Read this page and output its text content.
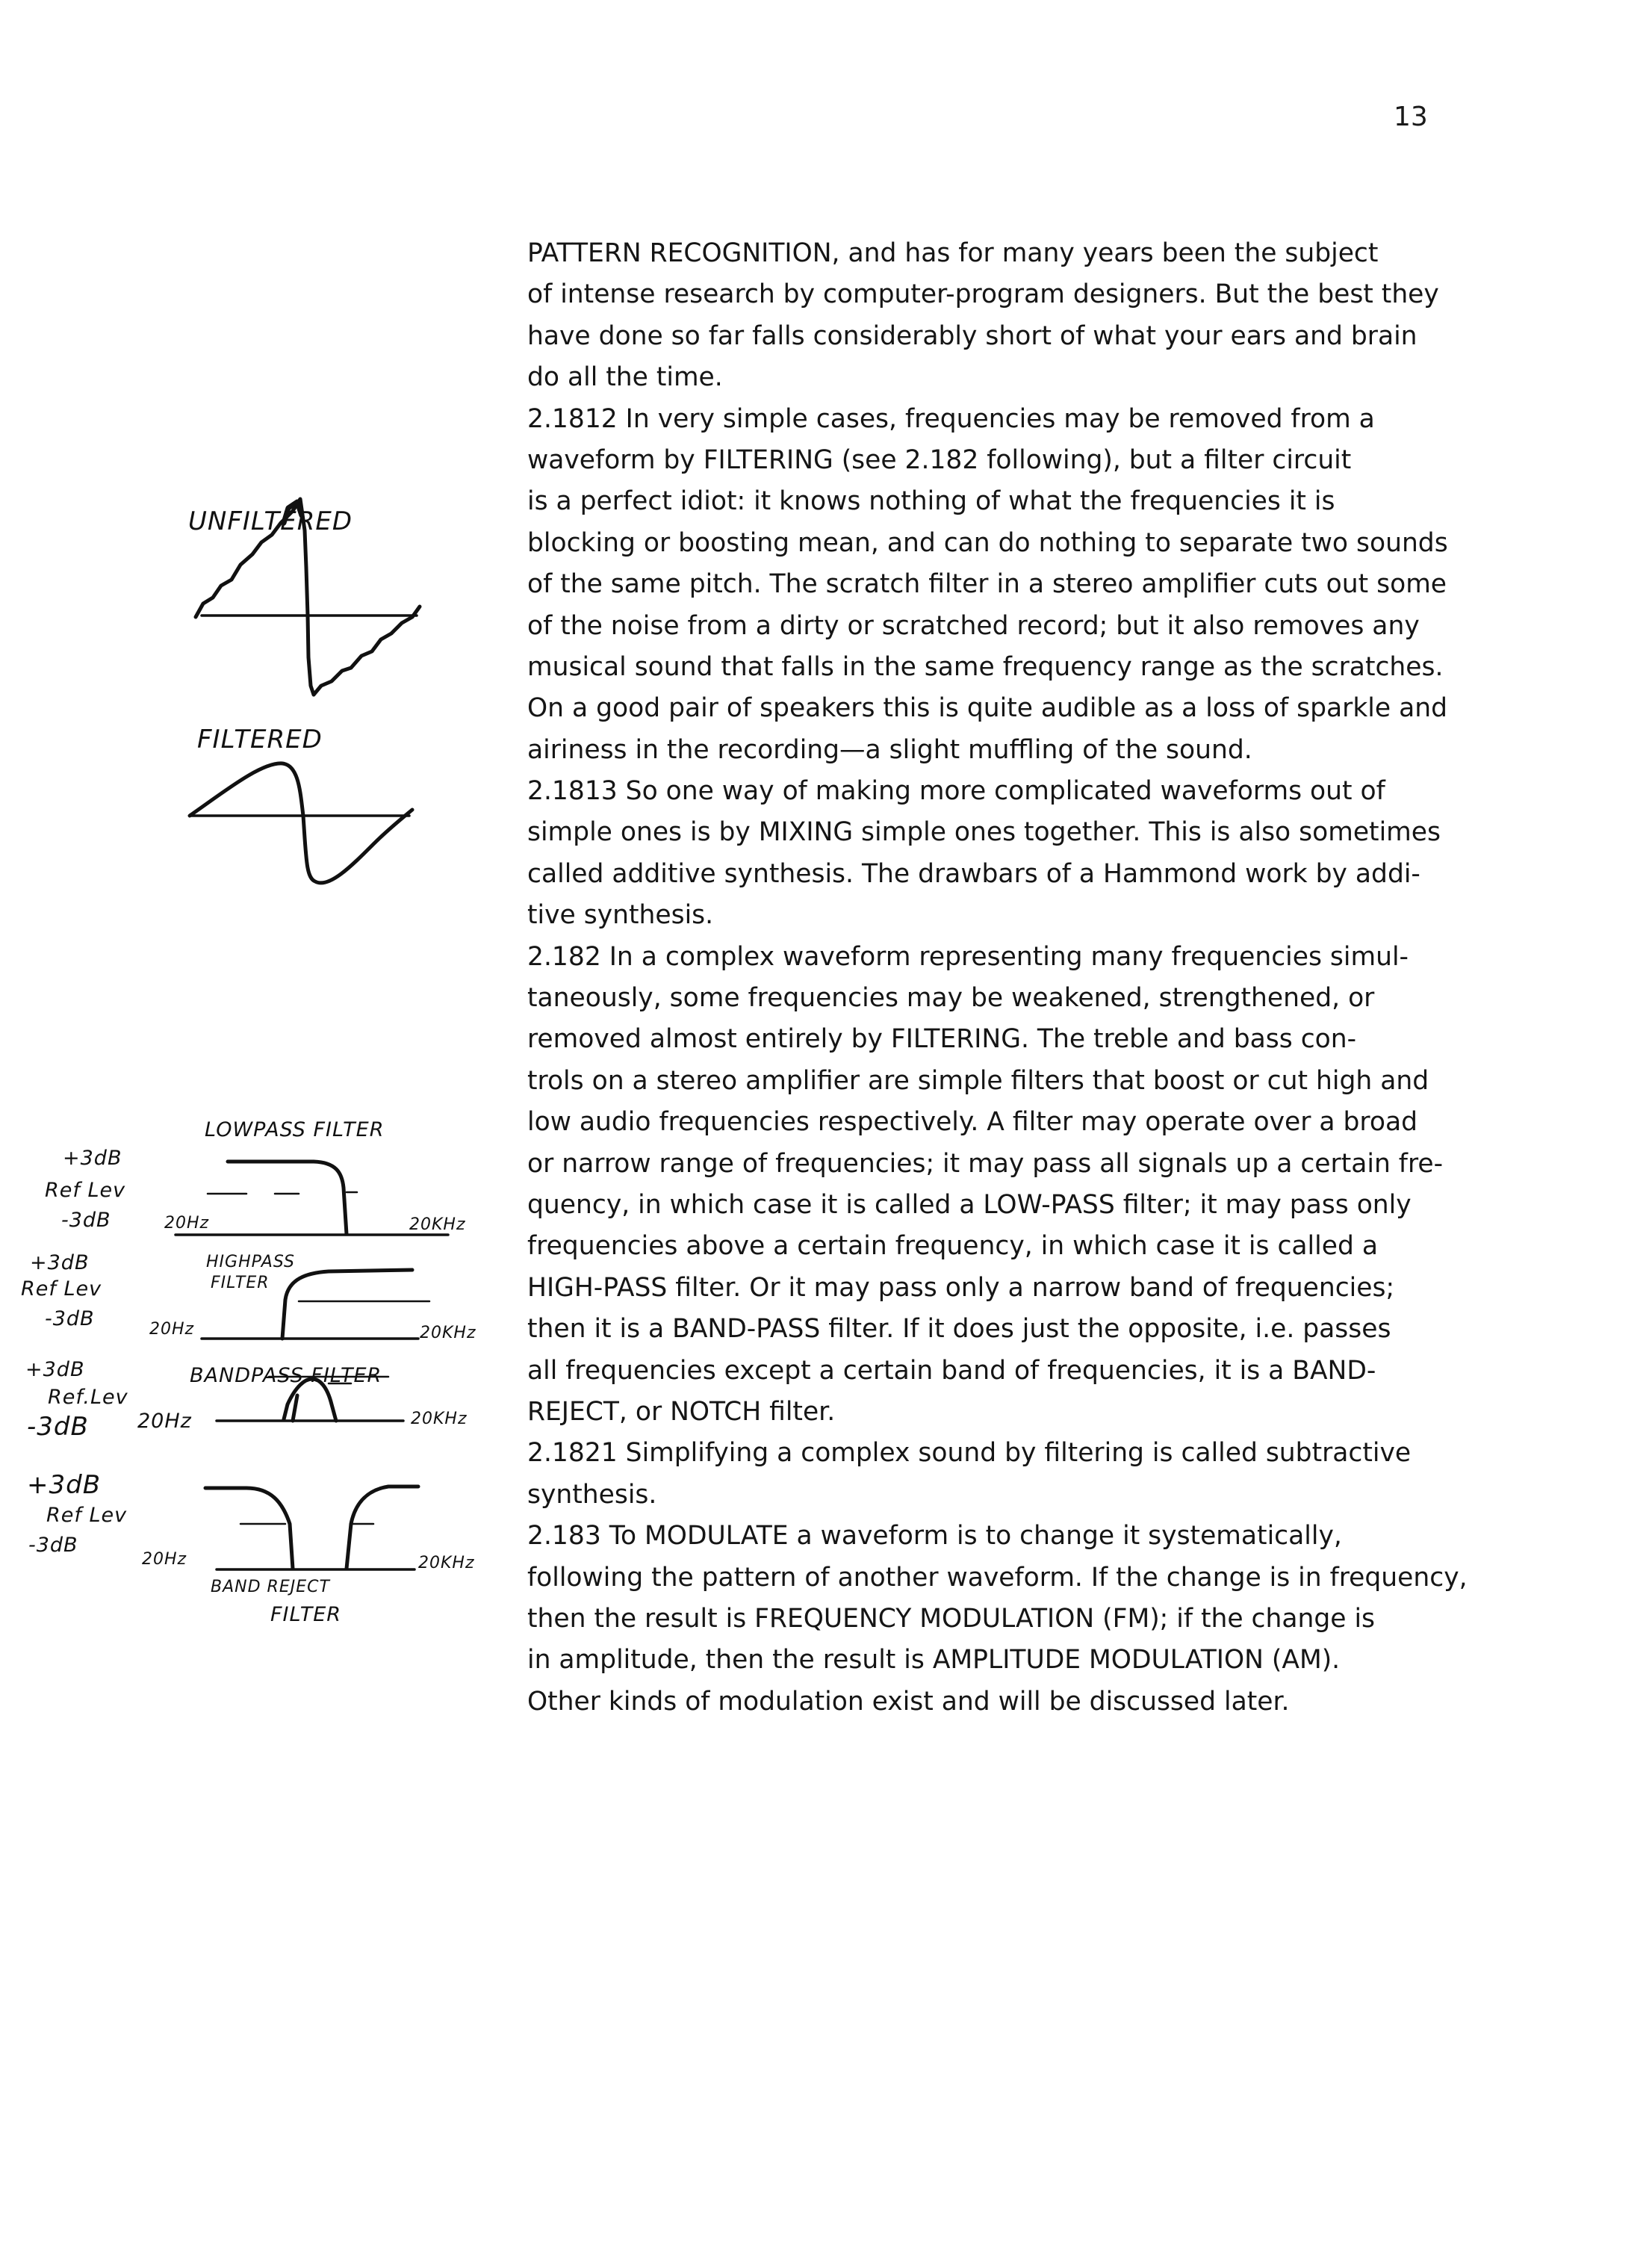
13
UNFILTERED
FILTERED
LOWPASS FILTER
+3dB
Ref Lev
-3dB	20Hz	20KHz
HIGHPASS
FILTER
+3dB
Ref Lev
-3dB	20Hz	20KHz
BANDPASS FILTER
+3dB
Ref.Lev
-3dB 20Hz	20KHz
BAND REJECT
FILTER
+3dB
Ref Lev
-3dB
20Hz	20KHz
PATTERN RECOGNITION, and has for many years been the subject
of intense research by computer-program designers. But the best they
have done so far falls considerably short of what your ears and brain
do all the time.
2.1812 In very simple cases, frequencies may be removed from a
waveform by FILTERING (see 2.182 following), but a filter circuit
is a perfect idiot: it knows nothing of what the frequencies it is
blocking or boosting mean, and can do nothing to separate two sounds
of the same pitch. The scratch filter in a stereo amplifier cuts out some
of the noise from a dirty or scratched record; but it also removes any
musical sound that falls in the same frequency range as the scratches.
On a good pair of speakers this is quite audible as a loss of sparkle and
airiness in the recording—a slight muffling of the sound.
2.1813 So one way of making more complicated waveforms out of
simple ones is by MIXING simple ones together. This is also sometimes
called additive synthesis. The drawbars of a Hammond work by addi-
tive synthesis.
2.182 In a complex waveform representing many frequencies simul-
taneously, some frequencies may be weakened, strengthened, or
removed almost entirely by FILTERING. The treble and bass con-
trols on a stereo amplifier are simple filters that boost or cut high and
low audio frequencies respectively. A filter may operate over a broad
or narrow range of frequencies; it may pass all signals up a certain fre-
quency, in which case it is called a LOW-PASS filter; it may pass only
frequencies above a certain frequency, in which case it is called a
HIGH-PASS filter. Or it may pass only a narrow band of frequencies;
then it is a BAND-PASS filter. If it does just the opposite, i.e. passes
all frequencies except a certain band of frequencies, it is a BAND-
REJECT, or NOTCH filter.
2.1821 Simplifying a complex sound by filtering is called subtractive
synthesis.
2.183 To MODULATE a waveform is to change it systematically,
following the pattern of another waveform. If the change is in frequency,
then the result is FREQUENCY MODULATION (FM); if the change is
in amplitude, then the result is AMPLITUDE MODULATION (AM).
Other kinds of modulation exist and will be discussed later.
